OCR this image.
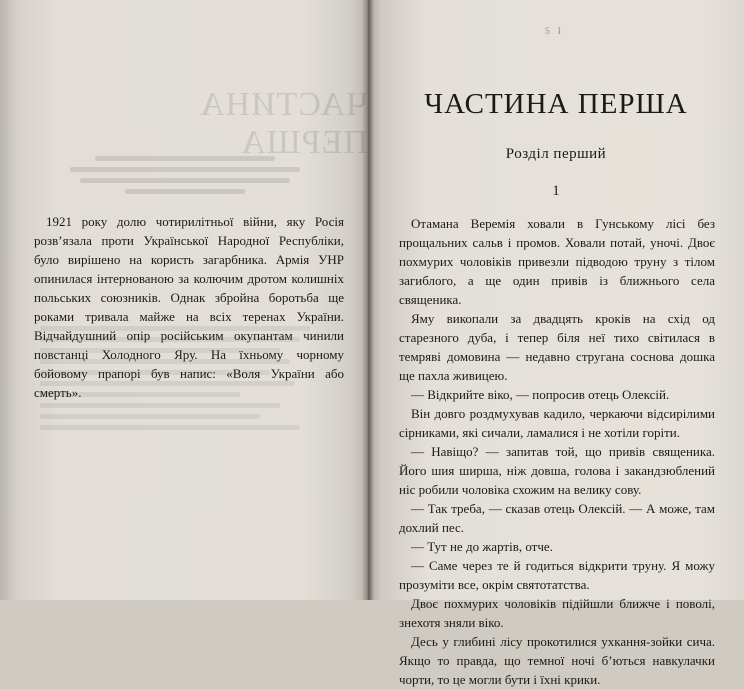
ЧАСТИНА ПЕРША

1921 року долю чотирилітньої війни, яку Росія розв’язала проти Української Народної Республіки, було вирішено на користь загарбника. Армія УНР опинилася інтернованою за колючим дротом колишніх польських союзників. Однак збройна боротьба ще роками тривала майже на всіх теренах України. Відчайдушний опір російським окупантам чинили повстанці Холодного Яру. На їхньому чорному бойовому прапорі був напис: «Воля України або смерть».

5 I
ЧАСТИНА ПЕРША
Розділ перший
1

Отамана Веремія ховали в Гунському лісі без прощальних сальв і промов. Ховали потай, уночі. Двоє похмурих чоловіків привезли підводою труну з тілом загиблого, а ще один привів із ближнього села священика.

Яму викопали за двадцять кроків на схід од старезного дуба, і тепер біля неї тихо світилася в темряві домовина — недавно стругана соснова дошка ще пахла живицею.

— Відкрийте віко, — попросив отець Олексій.

Він довго роздмухував кадило, черкаючи відсирілими сірниками, які сичали, ламалися і не хотіли горіти.

— Навіщо? — запитав той, що привів священика. Його шия ширша, ніж довша, голова і закандзюблений ніс робили чоловіка схожим на велику сову.

— Так треба, — сказав отець Олексій. — А може, там дохлий пес.

— Тут не до жартів, отче.

— Саме через те й годиться відкрити труну. Я можу прозуміти все, окрім святотатства.

Двоє похмурих чоловіків підійшли ближче і поволі, знехотя зняли віко.

Десь у глибині лісу прокотилися ухкання-зойки сича. Якщо то правда, що темної ночі б’ються навкулачки чорти, то це могли бути і їхні крики.
